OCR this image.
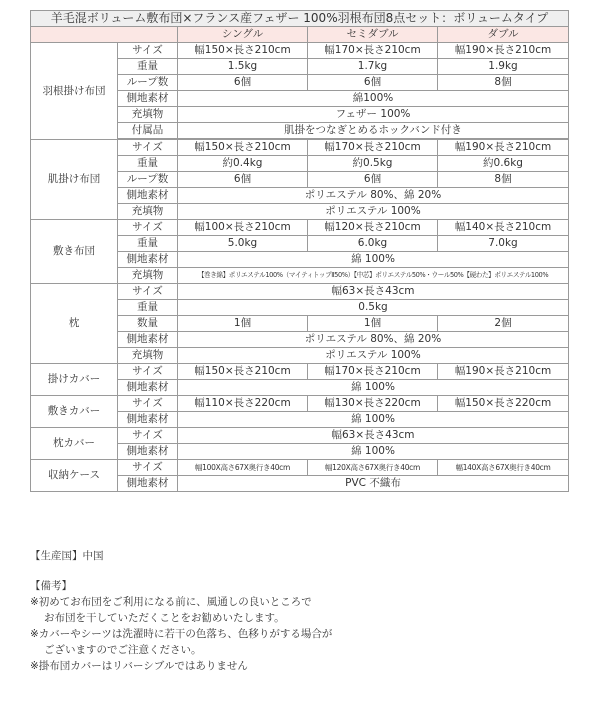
羊毛混ボリューム敷布団×フランス産フェザー 100%羽根布団8点セット：ボリュームタイプ				
		シングル	セミダブル	ダブル
羽根掛け布団	サイズ	幅150×長さ210cm	幅170×長さ210cm	幅190×長さ210cm
	重量	1.5kg	1.7kg	1.9kg
	ループ数	6個	6個	8個
	側地素材	綿100%		
	充填物	フェザー 100%		
	付属品	肌掛をつなぎとめるホックバンド付き		

肌掛け布団	サイズ	幅150×長さ210cm	幅170×長さ210cm	幅190×長さ210cm
	重量	約0.4kg	約0.5kg	約0.6kg
	ループ数	6個	6個	8個
	側地素材	ポリエステル 80%、綿 20%		
	充填物	ポリエステル 100%		
敷き布団	サイズ	幅100×長さ210cm	幅120×長さ210cm	幅140×長さ210cm
	重量	5.0kg	6.0kg	7.0kg
	側地素材	綿 100%		
	充填物	【巻き綿】ポリエステル100%（マイティトップⅡ50%）【中芯】ポリエステル50%・ウール50%【硬わた】ポリエステル100%		
枕	サイズ	幅63×長さ43cm		
	重量	0.5kg		
	数量	1個	1個	2個
	側地素材	ポリエステル 80%、綿 20%		
	充填物	ポリエステル 100%		
掛けカバー	サイズ	幅150×長さ210cm	幅170×長さ210cm	幅190×長さ210cm
	側地素材	綿 100%		
敷きカバー	サイズ	幅110×長さ220cm	幅130×長さ220cm	幅150×長さ220cm
	側地素材	綿 100%		
枕カバー	サイズ	幅63×長さ43cm		
	側地素材	綿 100%		
収納ケース	サイズ	幅100X高さ67X奥行き40cm	幅120X高さ67X奥行き40cm	幅140X高さ67X奥行き40cm
	側地素材	PVC 不織布		

【生産国】中国

【備考】

※初めてお布団をご利用になる前に、風通しの良いところで

お布団を干していただくことをお勧めいたします。

※カバーやシーツは洗濯時に若干の色落ち、色移りがする場合が

ございますのでご注意ください。

※掛布団カバーはリバーシブルではありません
